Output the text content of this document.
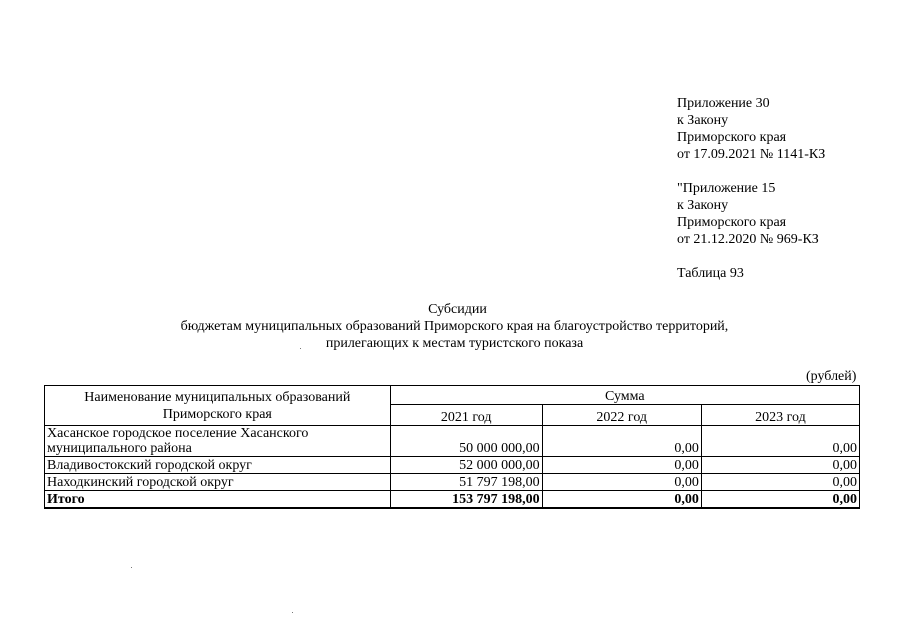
Приложение 30
к Закону
Приморского края
от 17.09.2021 № 1141-КЗ
"Приложение 15
к Закону
Приморского края
от 21.12.2020 № 969-КЗ
Таблица 93
Субсидии
бюджетам муниципальных образований Приморского края на благоустройство территорий,
прилегающих к местам туристского показа
(рублей)
Наименование муниципальных образований Приморского края	Сумма		
	2021 год	2022 год	2023 год
Хасанское городское поселение Хасанского муниципального района	50 000 000,00	0,00	0,00
Владивостокский городской округ	52 000 000,00	0,00	0,00
Находкинский городской округ	51 797 198,00	0,00	0,00
Итого	153 797 198,00	0,00	0,00
